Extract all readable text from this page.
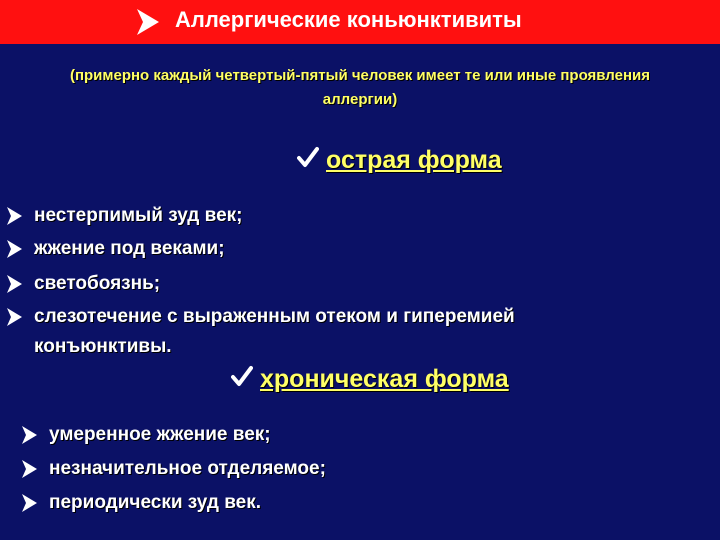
Аллергические коньюнктивиты
(примерно каждый четвертый-пятый человек имеет те или иные проявления
аллергии)
острая форма
нестерпимый зуд век;
жжение под веками;
светобоязнь;
слезотечение с выраженным отеком и гиперемией
конъюнктивы.
хроническая форма
умеренное жжение век;
незначительное отделяемое;
периодически зуд век.
